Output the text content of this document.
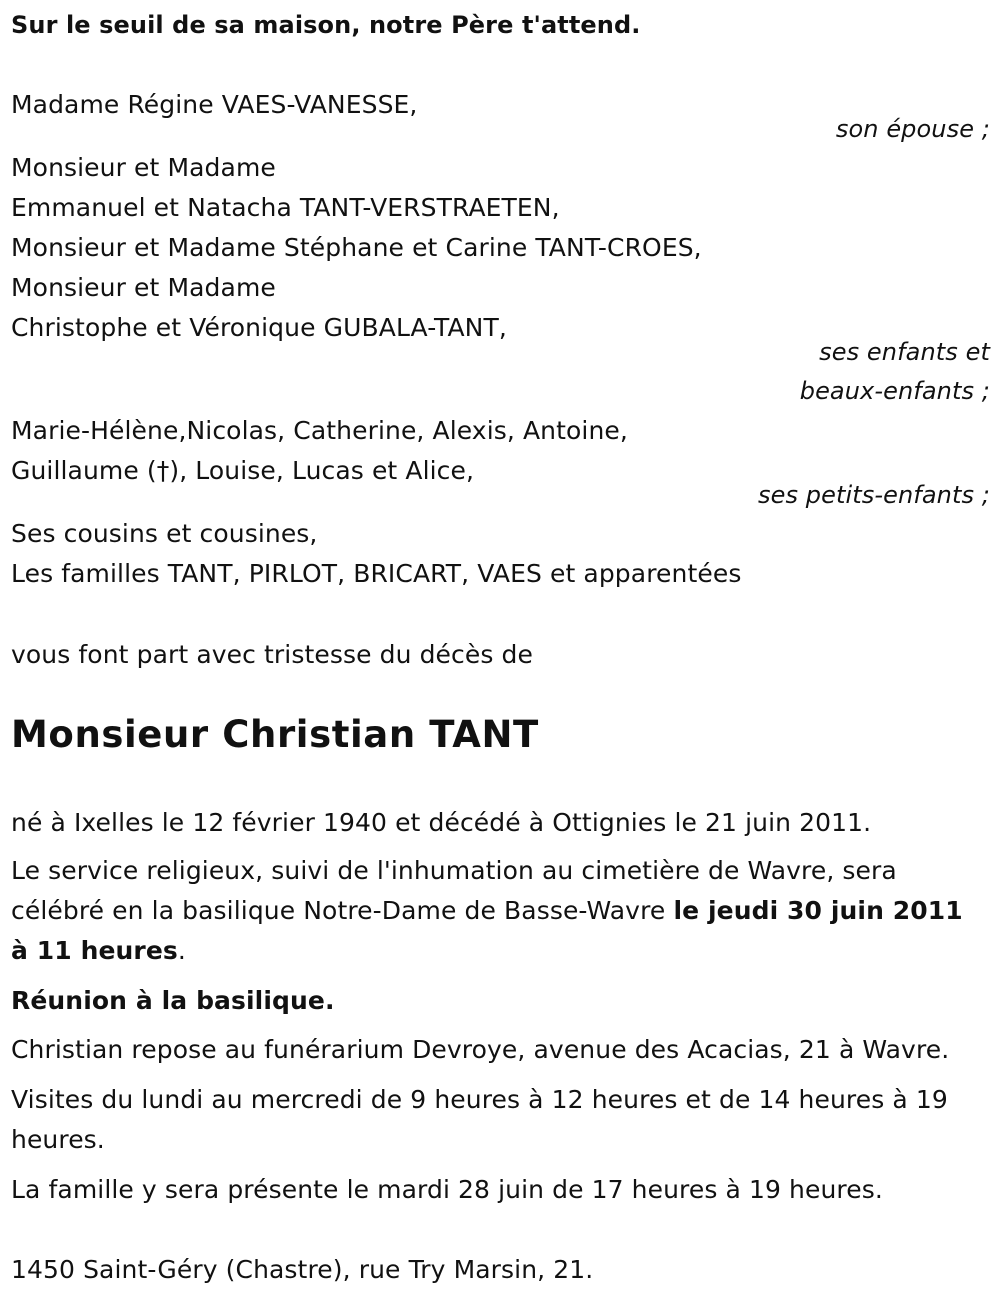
Sur le seuil de sa maison, notre Père t'attend.
Madame Régine VAES-VANESSE,
son épouse ;
Monsieur et Madame
Emmanuel et Natacha TANT-VERSTRAETEN,
Monsieur et Madame Stéphane et Carine TANT-CROES,
Monsieur et Madame
Christophe et Véronique GUBALA-TANT,
ses enfants et
beaux-enfants ;
Marie-Hélène,Nicolas, Catherine, Alexis, Antoine,
Guillaume (†), Louise, Lucas et Alice,
ses petits-enfants ;
Ses cousins et cousines,
Les familles TANT, PIRLOT, BRICART, VAES et apparentées
vous font part avec tristesse du décès de
Monsieur Christian TANT
né à Ixelles le 12 février 1940 et décédé à Ottignies le 21 juin 2011.
Le service religieux, suivi de l'inhumation au cimetière de Wavre, sera
célébré en la basilique Notre-Dame de Basse-Wavre le jeudi 30 juin 2011
à 11 heures.
Réunion à la basilique.
Christian repose au funérarium Devroye, avenue des Acacias, 21 à Wavre.
Visites du lundi au mercredi de 9 heures à 12 heures et de 14 heures à 19
heures.
La famille y sera présente le mardi 28 juin de 17 heures à 19 heures.
1450 Saint-Géry (Chastre), rue Try Marsin, 21.
